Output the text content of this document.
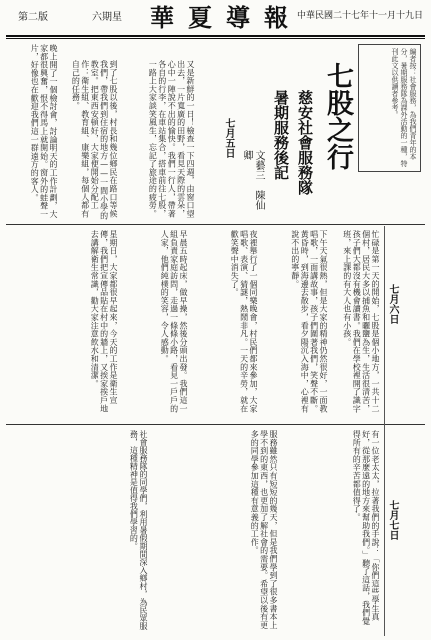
第二版	六期星 華 夏 導 報 中華民國二十七年十一月十九日
七股之行
慈安社會服務隊
暑期服務後記
文藝三　陳仙卿	編者按：社會服務，為我們青年的本分，暑期服務隊為課外活動的一種，特刊此文以供讀者參考。
又是新鮮的一日！檢查一下四週，由窗口望出去，一片寬廣的田野，看見天際的雲朵，心中一陣說不出的愉快。我們一行人，帶著各自的行李，在車站集合，搭車前往七股，一路上大家談笑風生，忘記了旅途的疲勞。
到了七股以後，村長和幾位鄉民在路口等候我們，帶我們到住宿的地方——一間小學的教室。把東西安頓好，大家便開始分配工作：衛生組、教育組、康樂組，每個人都有自己的任務。
晚上開了一個檢討會，討論明天的工作計劃，大家都很興奮，恨不得馬上就開始。窗外的蛙聲一片，好像也在歡迎我們這一群遠方的客人。	七月五日
七月六日
七月七日
忙碌是第一天的開始，七股是個小地方，一共十二個村，居民大多以捕魚和曬鹽為生，生活很清苦，孩子們大都沒有機會讀書。我們在學校裡開了識字班，來上課的有大人也有小孩。
下午天氣很熱，但是大家的精神仍然很好，一面教唱歌，一面講故事，孩子們圍著我們，笑聲不斷。黃昏時，到海邊去散步，看夕陽沉入海中，心裡有說不出的寧靜。
夜裡舉行了一個同樂晚會，村民們都來參加，大家唱歌、表演、猜謎，熱鬧非凡。一天的辛勞，就在歡笑聲中消失了。
早晨五時起床，做早操，然後分頭出發。我們這一組負責家庭訪問，走過一條條小路，看見一戶戶的人家，他們純樸的笑容，令人感動。
星期日，大家都很早起來，今天的工作是衛生宣傳，我們把宣傳品貼在村中的牆上，又挨家挨戶地去講解衛生常識，勸大家注意飲水和清潔。
有一位老太太，拉著我們的手說：「你們這些學生真好，從那麼遠的地方來幫助我們。」聽了這話，我們覺得所有的辛苦都值得了。
服務雖然只有短短的幾天，但是我們學到了很多書本上學不到的東西，也更加了解社會的需要。希望以後有更多的同學參加這種有意義的工作。
社會服務隊的同學們，利用暑假期間深入鄉村，為民眾服務，這種精神是值得我們學習的。
